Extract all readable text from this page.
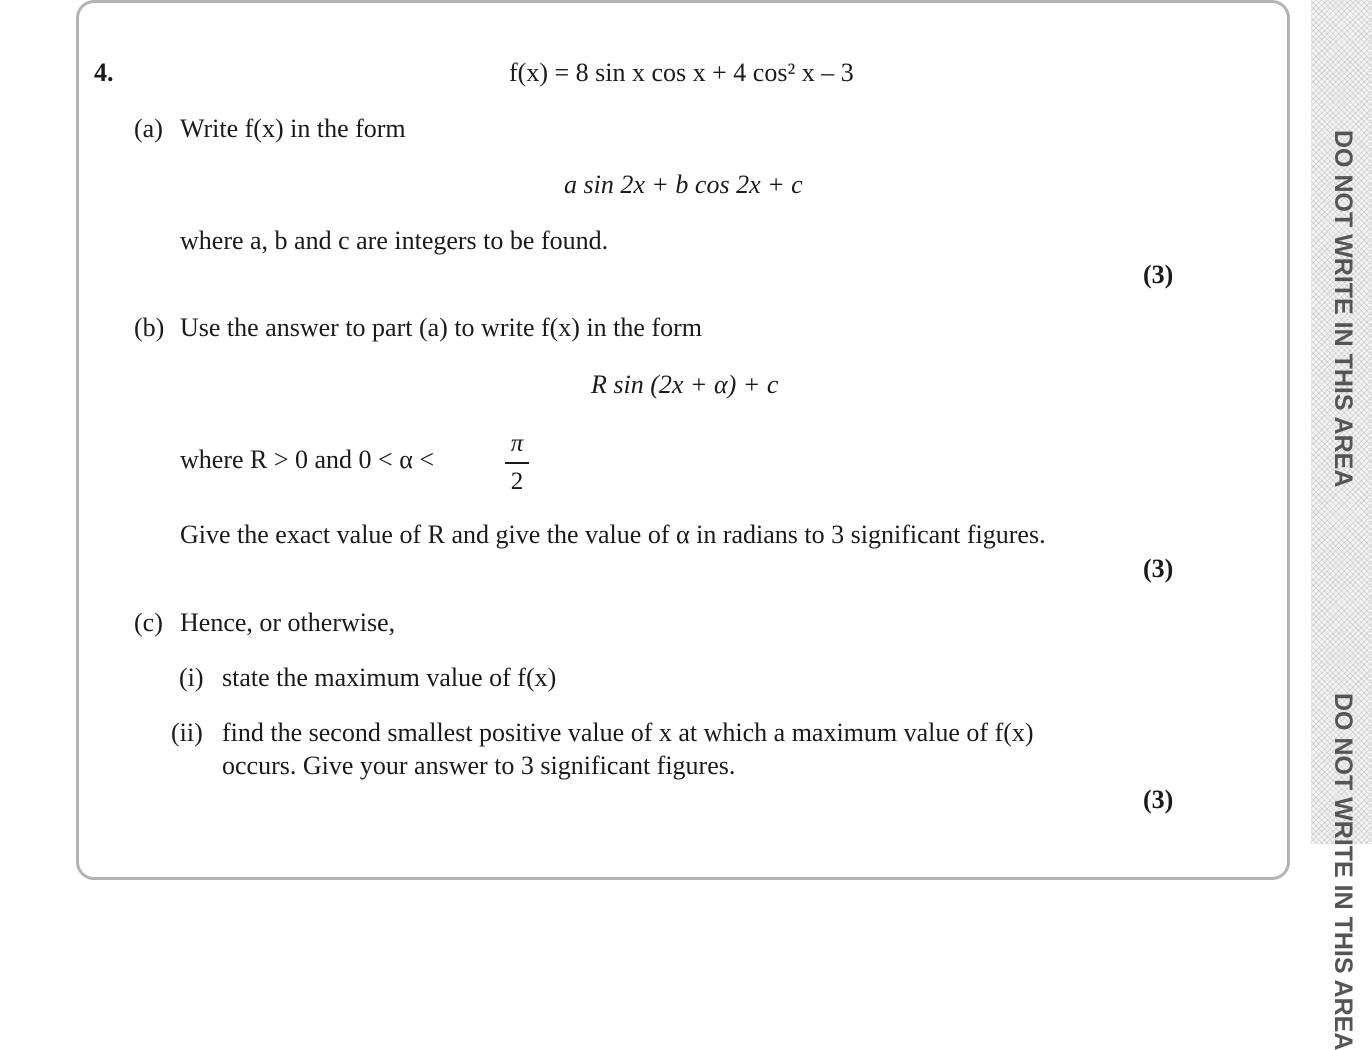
DO NOT WRITE IN THIS AREA
DO NOT WRITE IN THIS AREA
4.	f(x) = 8 sin x cos x + 4 cos² x – 3
(a) Write f(x) in the form
a sin 2x + b cos 2x + c
where a, b and c are integers to be found.
(3)
(b) Use the answer to part (a) to write f(x) in the form
R sin (2x + α) + c
where R > 0 and 0 < α <
π
2
Give the exact value of R and give the value of α in radians to 3 significant figures.
(3)
(c) Hence, or otherwise,
(i) state the maximum value of f(x)
(ii) find the second smallest positive value of x at which a maximum value of f(x)
occurs. Give your answer to 3 significant figures.
(3)
